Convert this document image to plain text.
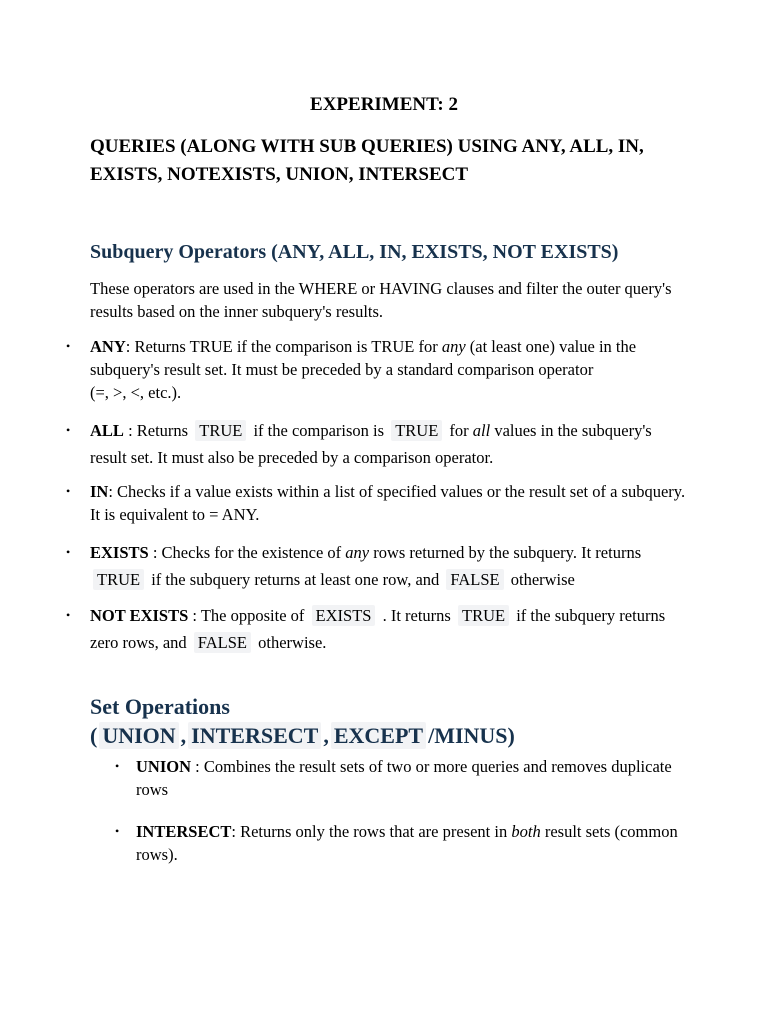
EXPERIMENT: 2
QUERIES (ALONG WITH SUB QUERIES) USING ANY, ALL, IN, EXISTS, NOTEXISTS, UNION, INTERSECT
Subquery Operators (ANY, ALL, IN, EXISTS, NOT EXISTS)
These operators are used in the WHERE or HAVING clauses and filter the outer query's results based on the inner subquery's results.
• ANY: Returns TRUE if the comparison is TRUE for any (at least one) value in the subquery's result set. It must be preceded by a standard comparison operator
(=, >, <, etc.).
• ALL : Returns TRUE if the comparison is TRUE for all values in the subquery's result set. It must also be preceded by a comparison operator.
• IN: Checks if a value exists within a list of specified values or the result set of a subquery. It is equivalent to = ANY.
• EXISTS : Checks for the existence of any rows returned by the subquery. It returns TRUE if the subquery returns at least one row, and FALSE otherwise
• NOT EXISTS : The opposite of EXISTS . It returns TRUE if the subquery returns zero rows, and FALSE otherwise.
Set Operations
( UNION , INTERSECT , EXCEPT /MINUS)
• UNION : Combines the result sets of two or more queries and removes duplicate rows
• INTERSECT: Returns only the rows that are present in both result sets (common rows).
